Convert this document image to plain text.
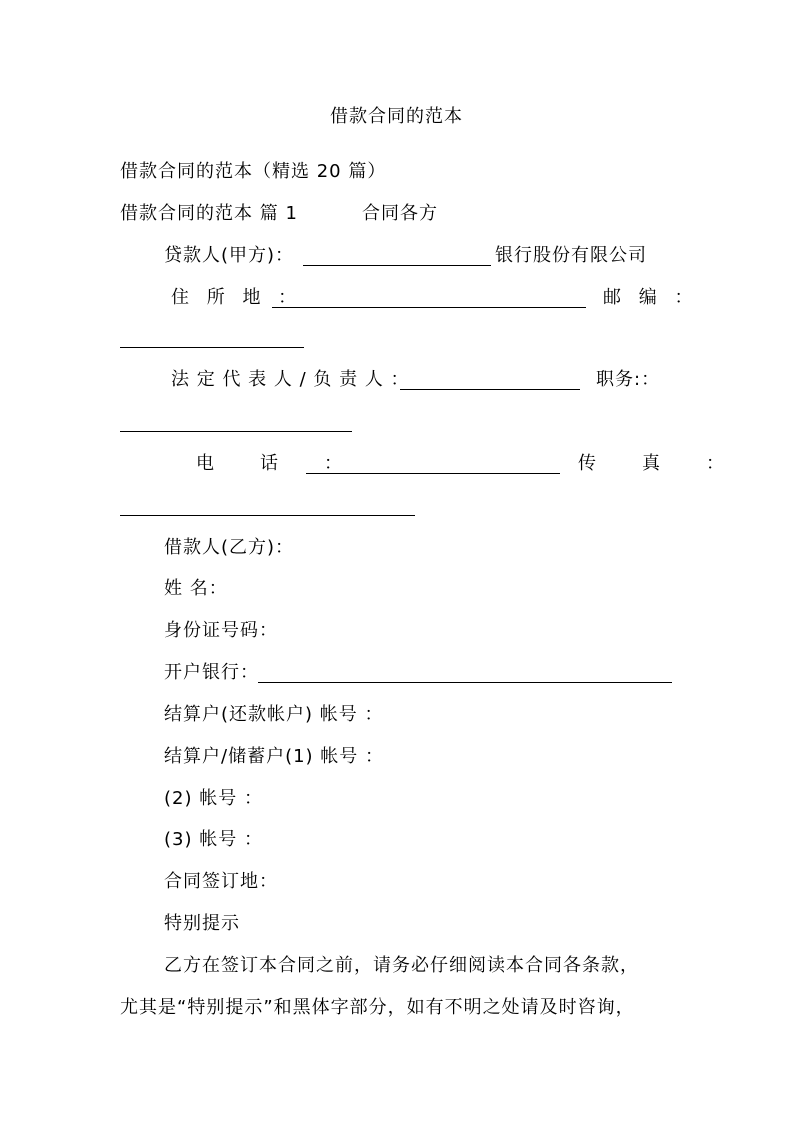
借款合同的范本
借款合同的范本（精选 20 篇）
借款合同的范本 篇 1	合同各方
贷款人(甲方)：	银行股份有限公司
住 所 地 ：	邮 编 ：
法 定 代 表 人 / 负 责 人 ：	职务:：
电　话　：	传　真　：
借款人(乙方)：
姓 名：
身份证号码：
开户银行：
结算户(还款帐户) 帐号 ：
结算户/储蓄户(1) 帐号 ：
(2) 帐号 ：
(3) 帐号 ：
合同签订地：
特别提示
乙方在签订本合同之前，请务必仔细阅读本合同各条款，
尤其是“特别提示”和黑体字部分，如有不明之处请及时咨询，
